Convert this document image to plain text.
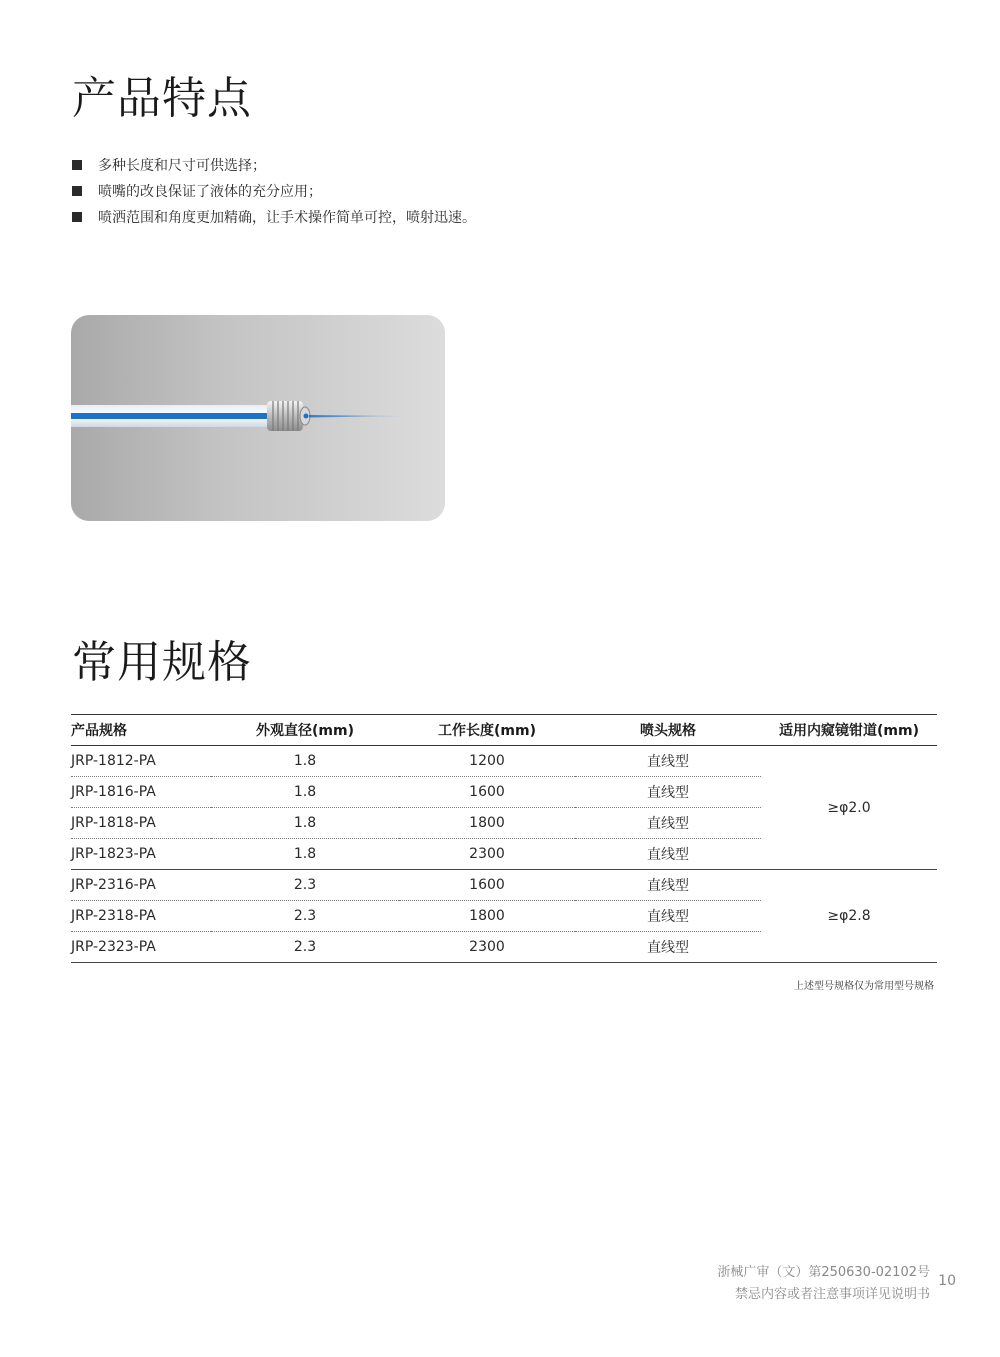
产品特点
多种长度和尺寸可供选择；
喷嘴的改良保证了液体的充分应用；
喷洒范围和角度更加精确，让手术操作简单可控，喷射迅速。
常用规格
产品规格	外观直径(mm)	工作长度(mm)	喷头规格	适用内窥镜钳道(mm)
JRP-1812-PA	1.8	1200	直线型	≥φ2.0
JRP-1816-PA	1.8	1600	直线型	
JRP-1818-PA	1.8	1800	直线型	
JRP-1823-PA	1.8	2300	直线型	
JRP-2316-PA	2.3	1600	直线型	≥φ2.8
JRP-2318-PA	2.3	1800	直线型	
JRP-2323-PA	2.3	2300	直线型	
上述型号规格仅为常用型号规格
浙械广审（文）第250630-02102号
禁忌内容或者注意事项详见说明书
10
